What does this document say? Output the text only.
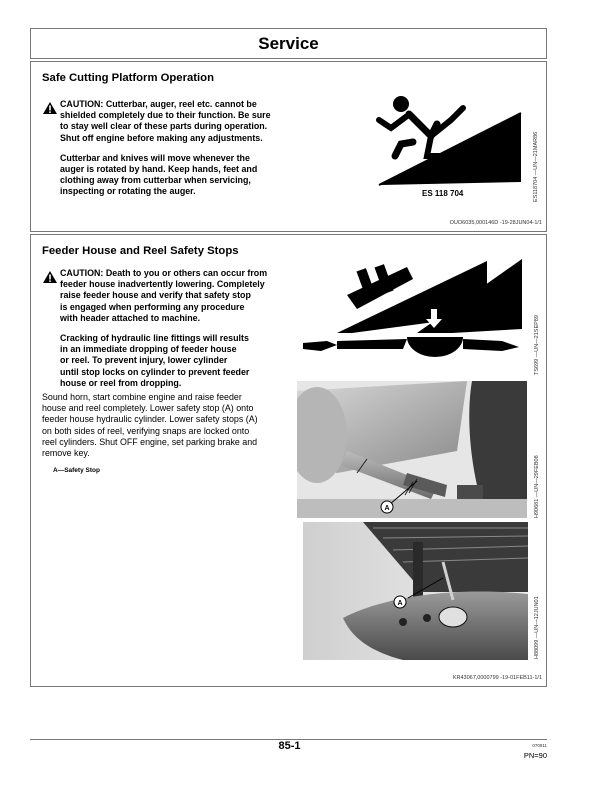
Service
Safe Cutting Platform Operation
CAUTION: Cutterbar, auger, reel etc. cannot be
shielded completely due to their function. Be sure
to stay well clear of these parts during operation.
Shut off engine before making any adjustments.
Cutterbar and knives will move whenever the
auger is rotated by hand. Keep hands, feet and
clothing away from cutterbar when servicing,
inspecting or rotating the auger.	ES 118 704	ES118704 —UN—21MAR86
OUO6035,000146D -19-28JUN04-1/1
Feeder House and Reel Safety Stops
CAUTION: Death to you or others can occur from
feeder house inadvertently lowering. Completely
raise feeder house and verify that safety stop
is engaged when performing any procedure
with header attached to machine.
Cracking of hydraulic line fittings will results
in an immediate dropping of feeder house
or reel. To prevent injury, lower cylinder
until stop locks on cylinder to prevent feeder
house or reel from dropping.
Sound horn, start combine engine and raise feeder
house and reel completely. Lower safety stop (A) onto
feeder house hydraulic cylinder. Lower safety stops (A)
on both sides of reel, verifying snaps are locked onto
reel cylinders. Shut OFF engine, set parking brake and
remove key.
A—Safety Stop
TS699 —UN—21SEP89
A	H90681 —UN—29FEB08
A	H88099 —UN—12JUN01
KR43067,0000799 -19-01FEB11-1/1
85-1	070811
PN=90
